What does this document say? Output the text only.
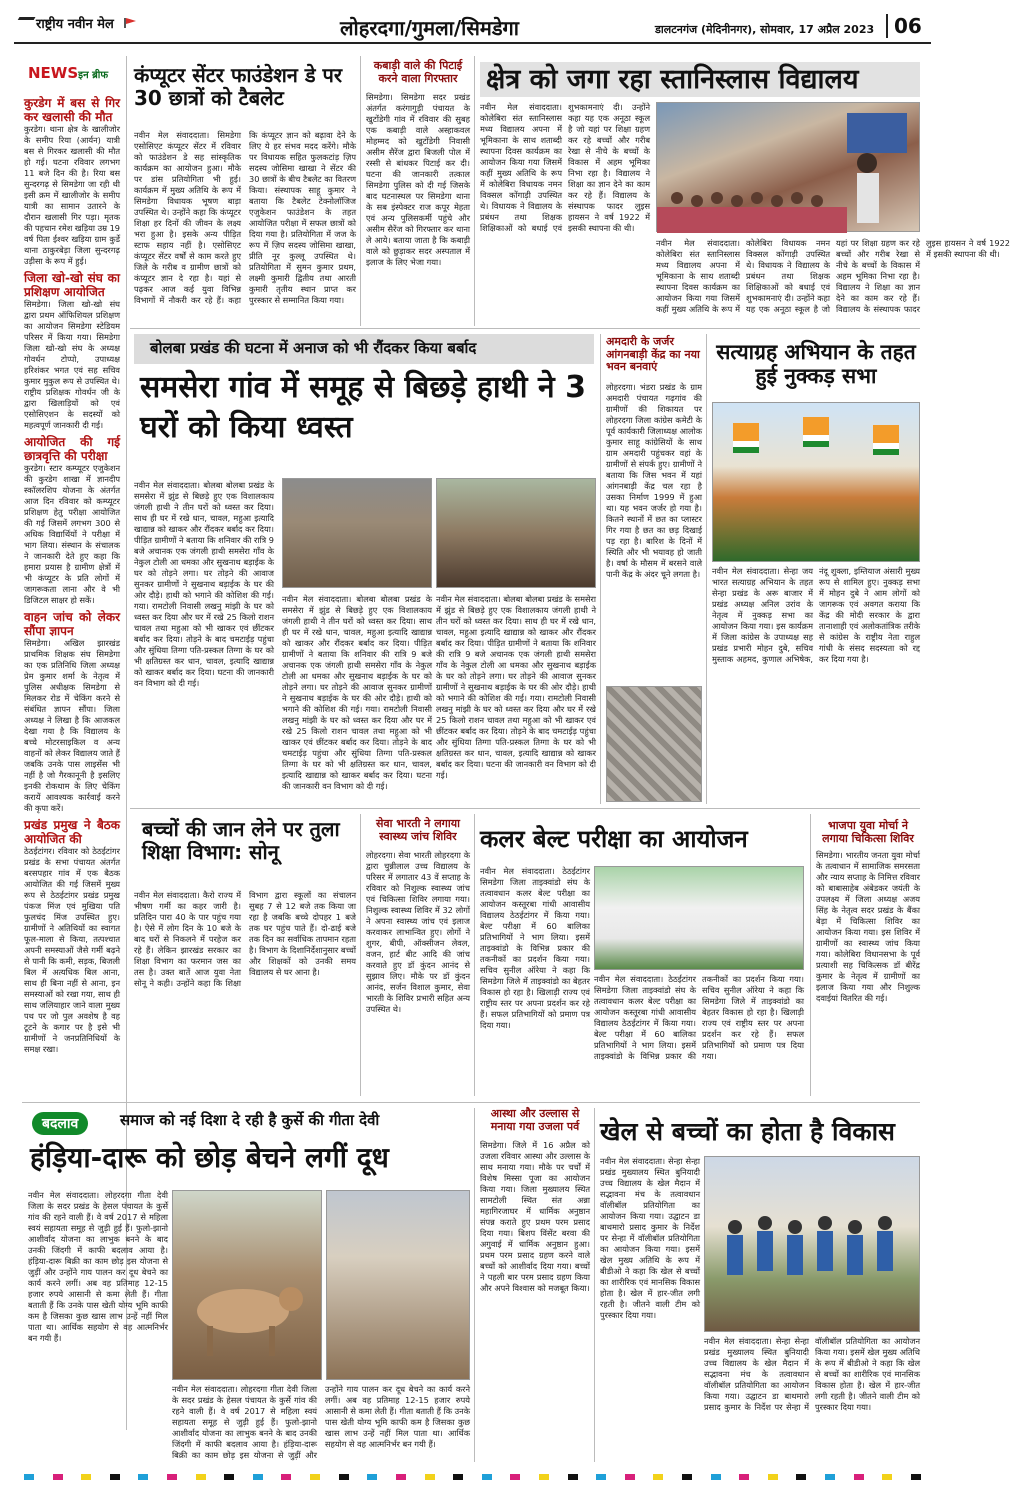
राष्ट्रीय नवीन मेल	लोहरदगा/गुमला/सिमडेगा	डालटनगंज (मेदिनीनगर), सोमवार, 17 अप्रैल 2023 06
NEWSइन ब्रीफ
कुरडेग में बस से गिर कर खलासी की मौत
कुरडेग। थाना क्षेत्र के खालीजोर के समीप रिया (आर्यन) यात्री बस से गिरकर खलासी की मौत हो गई। घटना रविवार लगभग 11 बजे दिन की है। रिया बस सुन्दरगढ़ से सिमडेगा जा रही थी इसी क्रम में खालीजोर के समीप यात्री का सामान उतारने के दौरान खलासी गिर पड़ा। मृतक की पहचान रमेश खड़िया उम्र 19 वर्ष पिता ईश्वर खड़िया ग्राम कुर्डे थाना ठाकुरबेड़ा जिला सुन्दरगढ़ उड़ीसा के रूप में हुई।
जिला खो-खो संघ का प्रशिक्षण आयोजित
सिमडेगा। जिला खो-खो संघ द्वारा प्रथम ऑफिशियल प्रशिक्षण का आयोजन सिमडेगा स्टेडियम परिसर में किया गया। सिमडेगा जिला खो-खो संघ के अध्यक्ष गोवर्धन टोप्पो, उपाध्यक्ष हरिशंकर भगत एवं सह सचिव कुमार मुकुल रूप से उपस्थित थे। राष्ट्रीय प्रशिक्षक गोवर्धन जी के द्वारा खिलाड़ियों को एवं एसोसिएशन के सदस्यों को महत्वपूर्ण जानकारी दी गई।
आयोजित की गई छात्रवृत्ति की परीक्षा
कुरडेग। स्टार कम्प्यूटर एजुकेशन की कुरडेग शाखा में ज्ञानदीप स्कॉलरशिप योजना के अंतर्गत आज दिन रविवार को कम्प्यूटर प्रशिक्षण हेतु परीक्षा आयोजित की गई जिसमें लगभग 300 से अधिक विद्यार्थियों ने परीक्षा में भाग लिया। संस्थान के संचालक ने जानकारी देते हुए कहा कि हमारा प्रयास है ग्रामीण क्षेत्रों में भी कंप्यूटर के प्रति लोगों में जागरूकता लाना और वे भी डिजिटल साक्षर हो सकें।
वाहन जांच को लेकर सौंपा ज्ञापन
सिमडेगा। अखिल झारखंड प्राथमिक शिक्षक संघ सिमडेगा का एक प्रतिनिधि जिला अध्यक्ष प्रेम कुमार शर्मा के नेतृत्व में पुलिस अधीक्षक सिमडेगा से मिलकर रोड में चेकिंग करने से संबंधित ज्ञापन सौंपा। जिला अध्यक्ष ने लिखा है कि आजकल देखा गया है कि विद्यालय के बच्चे मोटरसाइकिल व अन्य वाहनों को लेकर विद्यालय जाते हैं जबकि उनके पास लाइसेंस भी नहीं है जो गैरकानूनी है इसलिए इनकी रोकथाम के लिए चेकिंग करायें आवश्यक कार्रवाई करने की कृपा करें।
प्रखंड प्रमुख ने बैठक आयोजित की
ठेठईटांगर। रविवार को ठेठईटांगर प्रखंड के सभा पंचायत अंतर्गत बरसपहार गांव में एक बैठक आयोजित की गई जिसमें मुख्य रूप से ठेठईटांगर प्रखंड प्रमुख पंकज मिंज एवं मुखिया पति फुलचंद मिंज उपस्थित हुए। ग्रामीणों ने अतिथियों का स्वागत फूल-माला से किया, तत्पश्चात अपनी समस्याओं जैसे गर्मी बढ़ने से पानी कि कमी, सड़क, बिजली बिल में अत्यधिक बिल आना, साथ ही बिना नहीं से आना, इन समस्याओं को रखा गया, साथ ही साथ जलियाहार जाने वाला मुख्य पथ पर जो पुल अवशेष है वह टूटने के कगार पर है इसे भी ग्रामीणों ने जनप्रतिनिधियों के समक्ष रखा।
कंप्यूटर सेंटर फाउंडेशन डे पर 30 छात्रों को टैबलेट
नवीन मेल संवाददाता। सिमडेगा एसोसिएट कंप्यूटर सेंटर में रविवार को फाउंडेशन डे सह सांस्कृतिक कार्यक्रम का आयोजन हुआ। मौके पर डांस प्रतियोगिता भी हुई। कार्यक्रम में मुख्य अतिथि के रूप में सिमडेगा विधायक भूषण बाड़ा उपस्थित थे। उन्होंने कहा कि कंप्यूटर शिक्षा हर दिनों की जीवन के लक्ष्य भरा हुआ है। इसके अन्य पीड़ित स्टाफ सहाय नहीं है। एसोसिएट कंप्यूटर सेंटर वर्षों से काम करते हुए जिले के गरीब व ग्रामीण छात्रों को कंप्यूटर ज्ञान दे रहा है। यहां से पढ़कर आज कई युवा विभिन्न विभागों में नौकरी कर रहे हैं। कहा कि कंप्यूटर ज्ञान को बढ़ावा देने के लिए ये हर संभव मदद करेंगे। मौके पर विधायक सहित फुलकटांड़ ज़िप सदस्य जोसिमा खाखा ने सेंटर की 30 छात्रों के बीच टैबलेट का वितरण किया। संस्थापक साहू कुमार ने बताया कि टैबलेट टेक्नोलॉजिज एजुकेशन फाउंडेशन के तहत आयोजित परीक्षा में सफल छात्रों को दिया गया है। प्रतियोगिता में जज के रूप में ज़िप सदस्य जोसिमा खाखा, प्रीति नूर कुल्लू उपस्थित थे। प्रतियोगिता में सुमन कुमार प्रथम, लक्ष्मी कुमारी द्वितीय तथा आरती कुमारी तृतीय स्थान प्राप्त कर पुरस्कार से सम्मानित किया गया।
कबाड़ी वाले की पिटाई करने वाला गिरफ्तार
सिमडेगा। सिमडेगा सदर प्रखंड अंतर्गत करंगागुड़ी पंचायत के खुटोंडेगी गांव में रविवार की सुबह एक कबाड़ी वाले अस्हाकवल मोहम्मद को खुटोंडेगी निवासी असीम सैरेंज द्वारा बिजली पोल में रस्सी से बांधकर पिटाई कर दी। घटना की जानकारी तत्काल सिमडेगा पुलिस को दी गई जिसके बाद घटनास्थल पर सिमडेगा थाना के सब इंस्पेक्टर राज कपूर मेहता एवं अन्य पुलिसकर्मी पहुंचे और असीम सैरेंज को गिरफ्तार कर थाना ले आये। बताया जाता है कि कबाड़ी वाले को छुड़ाकर सदर अस्पताल में इलाज के लिए भेजा गया।
क्षेत्र को जगा रहा स्तानिस्लास विद्यालय
नवीन मेल संवाददाता। कोलेबिरा संत स्तानिस्लास मध्य विद्यालय अपना में भूमिकाना के साथ शताब्दी स्थापना दिवस कार्यक्रम का आयोजन किया गया जिसमें कहीं मुख्य अतिथि के रूप में कोलेबिरा विधायक नमन विक्सल कोंगाड़ी उपस्थित थे। विधायक ने विद्यालय के प्रबंधन तथा शिक्षक शिक्षिकाओं को बधाई एवं शुभकामनाएं दी। उन्होंने कहा यह एक अनूठा स्कूल है जो यहां पर शिक्षा ग्रहण कर रहे बच्चों और गरीब रेखा से नीचे के बच्चों के विकास में अहम भूमिका निभा रहा है। विद्यालय ने शिक्षा का ज्ञान देने का काम कर रहे हैं। विद्यालय के संस्थापक फादर लुइस हायसन ने वर्ष 1922 में इसकी स्थापना की थी।
नवीन मेल संवाददाता। कोलेबिरा संत स्तानिस्लास मध्य विद्यालय अपना में भूमिकाना के साथ शताब्दी स्थापना दिवस कार्यक्रम का आयोजन किया गया जिसमें कहीं मुख्य अतिथि के रूप में कोलेबिरा विधायक नमन विक्सल कोंगाड़ी उपस्थित थे। विधायक ने विद्यालय के प्रबंधन तथा शिक्षक शिक्षिकाओं को बधाई एवं शुभकामनाएं दी। उन्होंने कहा यह एक अनूठा स्कूल है जो यहां पर शिक्षा ग्रहण कर रहे बच्चों और गरीब रेखा से नीचे के बच्चों के विकास में अहम भूमिका निभा रहा है। विद्यालय ने शिक्षा का ज्ञान देने का काम कर रहे हैं। विद्यालय के संस्थापक फादर लुइस हायसन ने वर्ष 1922 में इसकी स्थापना की थी।
बोलबा प्रखंड की घटना में अनाज को भी रौंदकर किया बर्बाद
समसेरा गांव में समूह से बिछड़े हाथी ने 3 घरों को किया ध्वस्त
नवीन मेल संवाददाता। बोलबा बोलबा प्रखंड के समसेरा में झुंड से बिछड़े हुए एक विशालकाय जंगली हाथी ने तीन घरों को ध्वस्त कर दिया। साथ ही घर में रखे धान, चावल, महुआ इत्यादि खाद्यान्न को खाकर और रौंदकर बर्बाद कर दिया। पीड़ित ग्रामीणों ने बताया कि शनिवार की रात्रि 9 बजे अचानक एक जंगली हाथी समसेरा गाँव के नेकुल टोली आ धमका और सुखनाथ बड़ाईक के घर को तोड़ने लगा। घर तोड़ने की आवाज सुनकर ग्रामीणों ने सुखनाथ बड़ाईक के घर की ओर दौड़े। हाथी को भगाने की कोशिश की गई। गया। रामटोली निवासी लखनु मांझी के घर को ध्वस्त कर दिया और घर में रखे 25 किलो राशन चावल तथा महुआ को भी खाकर एवं छींटकर बर्बाद कर दिया। तोड़ने के बाद चमटाईड़ पहुंचा और सुंधिया तिग्गा पति-प्रस्कल तिग्गा के घर को भी क्षतिग्रस्त कर धान, चावल, इत्यादि खाद्यान्न को खाकर बर्बाद कर दिया। घटना की जानकारी वन विभाग को दी गई।
नवीन मेल संवाददाता। बोलबा बोलबा प्रखंड के समसेरा में झुंड से बिछड़े हुए एक विशालकाय जंगली हाथी ने तीन घरों को ध्वस्त कर दिया। साथ ही घर में रखे धान, चावल, महुआ इत्यादि खाद्यान्न को खाकर और रौंदकर बर्बाद कर दिया। पीड़ित ग्रामीणों ने बताया कि शनिवार की रात्रि 9 बजे अचानक एक जंगली हाथी समसेरा गाँव के नेकुल टोली आ धमका और सुखनाथ बड़ाईक के घर को तोड़ने लगा। घर तोड़ने की आवाज सुनकर ग्रामीणों ने सुखनाथ बड़ाईक के घर की ओर दौड़े। हाथी को भगाने की कोशिश की गई। गया। रामटोली निवासी लखनु मांझी के घर को ध्वस्त कर दिया और घर में रखे 25 किलो राशन चावल तथा महुआ को भी खाकर एवं छींटकर बर्बाद कर दिया। तोड़ने के बाद चमटाईड़ पहुंचा और सुंधिया तिग्गा पति-प्रस्कल तिग्गा के घर को भी क्षतिग्रस्त कर धान, चावल, इत्यादि खाद्यान्न को खाकर बर्बाद कर दिया। घटना की जानकारी वन विभाग को दी गई।
नवीन मेल संवाददाता। बोलबा बोलबा प्रखंड के समसेरा में झुंड से बिछड़े हुए एक विशालकाय जंगली हाथी ने तीन घरों को ध्वस्त कर दिया। साथ ही घर में रखे धान, चावल, महुआ इत्यादि खाद्यान्न को खाकर और रौंदकर बर्बाद कर दिया। पीड़ित ग्रामीणों ने बताया कि शनिवार की रात्रि 9 बजे अचानक एक जंगली हाथी समसेरा गाँव के नेकुल टोली आ धमका और सुखनाथ बड़ाईक के घर को तोड़ने लगा। घर तोड़ने की आवाज सुनकर ग्रामीणों ने सुखनाथ बड़ाईक के घर की ओर दौड़े। हाथी को भगाने की कोशिश की गई। गया। रामटोली निवासी लखनु मांझी के घर को ध्वस्त कर दिया और घर में रखे 25 किलो राशन चावल तथा महुआ को भी खाकर एवं छींटकर बर्बाद कर दिया। तोड़ने के बाद चमटाईड़ पहुंचा और सुंधिया तिग्गा पति-प्रस्कल तिग्गा के घर को भी क्षतिग्रस्त कर धान, चावल, इत्यादि खाद्यान्न को खाकर बर्बाद कर दिया। घटना की जानकारी वन विभाग को दी गई।
अमदारी के जर्जर आंगनबाड़ी केंद्र का नया भवन बनवाएं
लोहरदगा। भंडरा प्रखंड के ग्राम अमदारी पंचायत गढ़गांव की ग्रामीणों की शिकायत पर लोहरदगा जिला कांग्रेस कमेटी के पूर्व कार्यकारी जिलाध्यक्ष आलोक कुमार साहू कांग्रेसियों के साथ ग्राम अमदारी पहुंचकर वहां के ग्रामीणों से संपर्क हुए। ग्रामीणों ने बताया कि जिस भवन में यहां आंगनबाड़ी केंद्र चल रहा है उसका निर्माण 1999 में हुआ था। यह भवन जर्जर हो गया है। कितने स्थानों में छत का प्लास्टर गिर गया है छत का छड़ दिखाई पड़ रहा है। बारिश के दिनों में स्थिति और भी भयावह हो जाती है। वर्षा के मौसम में बरसने वाले पानी केंद्र के अंदर चूने लगता है।
सत्याग्रह अभियान के तहत हुई नुक्कड़ सभा
नवीन मेल संवाददाता। सेन्हा जय भारत सत्याग्रह अभियान के तहत सेन्हा प्रखंड के अरू बाजार में प्रखंड अध्यक्ष अनिल उरांव के नेतृत्व में नुक्कड़ सभा का आयोजन किया गया। इस कार्यक्रम में जिला कांग्रेस के उपाध्यक्ष सह प्रखंड प्रभारी मोहन दुबे, सचिव मुस्ताक अहमद, कुणाल अभिषेक, नंदू शुक्ला, इम्तियाज अंसारी मुख्य रूप से शामिल हुए। नुक्कड़ सभा में मोहन दुबे ने आम लोगों को जागरूक एवं अवगत कराया कि केंद्र की मोदी सरकार के द्वारा तानाशाही एवं अलोकतांत्रिक तरीके से कांग्रेस के राष्ट्रीय नेता राहुल गांधी के संसद सदस्यता को रद्द कर दिया गया है।
बच्चों की जान लेने पर तुला शिक्षा विभाग: सोनू
नवीन मेल संवाददाता। कैरो राज्य में भीषण गर्मी का कहर जारी है। प्रतिदिन पारा 40 के पार पहुंच गया है। ऐसे में लोग दिन के 10 बजे के बाद घरों से निकलने में परहेज कर रहे हैं। लेकिन झारखंड सरकार का शिक्षा विभाग का फरमान जस का तस है। उक्त बातें आज युवा नेता सोनू ने कही। उन्होंने कहा कि शिक्षा विभाग द्वारा स्कूलों का संचालन सुबह 7 से 12 बजे तक किया जा रहा है जबकि बच्चे दोपहर 1 बजे तक घर पहुंच पाते हैं। दो-ढाई बजे तक दिन का सर्वाधिक तापमान रहता है। विभाग के दिशानिर्देशानुसार बच्चों और शिक्षकों को उनकी समय विद्यालय से घर आना है।
सेवा भारती ने लगाया स्वास्थ्य जांच शिविर
लोहरदगा। सेवा भारती लोहरदगा के द्वारा चुन्नीलाल उच्च विद्यालय के परिसर में लगातार 43 वें सप्ताह के रविवार को निशुल्क स्वास्थ्य जांच एवं चिकित्सा शिविर लगाया गया। निशुल्क स्वास्थ्य शिविर में 32 लोगों ने अपना स्वास्थ्य जांच एवं इलाज करवाकर लाभान्वित हुए। लोगों ने शुगर, बीपी, ऑक्सीजन लेवल, वजन, हार्ट बीट आदि की जांच करवाते हुए डॉ कुंदन आनंद से सुझाव लिए। मौके पर डॉ कुंदन आनंद, सर्जन विशाल कुमार, सेवा भारती के शिविर प्रभारी सहित अन्य उपस्थित थे।
कलर बेल्ट परीक्षा का आयोजन
नवीन मेल संवाददाता। ठेठईटांगर सिमडेगा जिला ताइक्वांडो संघ के तत्वावधान कलर बेल्ट परीक्षा का आयोजन कस्तूरबा गांधी आवासीय विद्यालय ठेठईटांगर में किया गया। बेल्ट परीक्षा में 60 बालिका प्रतिभागियों ने भाग लिया। इसमें ताइक्वांडो के विभिन्न प्रकार की तकनीकों का प्रदर्शन किया गया। सचिव सुनील ऑरेया ने कहा कि सिमडेगा जिले में ताइक्वांडो का बेहतर विकास हो रहा है। खिलाड़ी राज्य एवं राष्ट्रीय स्तर पर अपना प्रदर्शन कर रहे हैं। सफल प्रतिभागियों को प्रमाण पत्र दिया गया।
नवीन मेल संवाददाता। ठेठईटांगर सिमडेगा जिला ताइक्वांडो संघ के तत्वावधान कलर बेल्ट परीक्षा का आयोजन कस्तूरबा गांधी आवासीय विद्यालय ठेठईटांगर में किया गया। बेल्ट परीक्षा में 60 बालिका प्रतिभागियों ने भाग लिया। इसमें ताइक्वांडो के विभिन्न प्रकार की तकनीकों का प्रदर्शन किया गया। सचिव सुनील ऑरेया ने कहा कि सिमडेगा जिले में ताइक्वांडो का बेहतर विकास हो रहा है। खिलाड़ी राज्य एवं राष्ट्रीय स्तर पर अपना प्रदर्शन कर रहे हैं। सफल प्रतिभागियों को प्रमाण पत्र दिया गया।
भाजपा युवा मोर्चा ने लगाया चिकित्सा शिविर
सिमडेगा। भारतीय जनता युवा मोर्चा के तत्वाधान में सामाजिक समरसता और न्याय सप्ताह के निमित्त रविवार को बाबासाहेब अंबेडकर जयंती के उपलक्ष्य में जिला अध्यक्ष अजय सिंह के नेतृत्व सदर प्रखंड के बैंका बेड़ा में चिकित्सा शिविर का आयोजन किया गया। इस शिविर में ग्रामीणों का स्वास्थ्य जांच किया गया। कोलेबिरा विधानसभा के पूर्व प्रत्याशी सह चिकित्सक डॉ बीरेंद्र कुमार के नेतृत्व में ग्रामीणों का इलाज किया गया और निशुल्क दवाईयां वितरित की गई।
बदलाव	समाज को नई दिशा दे रही है कुर्से की गीता देवी
हंड़िया-दारू को छोड़ बेचने लगीं दूध
नवीन मेल संवाददाता। लोहरदगा गीता देवी जिला के सदर प्रखंड के हेसल पंचायत के कुर्से गांव की रहने वाली हैं। वे वर्ष 2017 से महिला स्वयं सहायता समूह से जुड़ी हुई हैं। फुलो-झानो आशीर्वाद योजना का लाभुक बनने के बाद उनकी जिंदगी में काफी बदलाव आया है। हंड़िया-दारू बिक्री का काम छोड़ इस योजना से जुड़ीं और उन्होंने गाय पालन कर दूध बेचने का कार्य करने लगीं। अब वह प्रतिमाह 12-15 हजार रुपये आसानी से कमा लेती हैं। गीता बताती हैं कि उनके पास खेती योग्य भूमि काफी कम है जिसका कुछ खास लाभ उन्हें नहीं मिल पाता था। आर्थिक सहयोग से वह आत्मनिर्भर बन गयी हैं।
नवीन मेल संवाददाता। लोहरदगा गीता देवी जिला के सदर प्रखंड के हेसल पंचायत के कुर्से गांव की रहने वाली हैं। वे वर्ष 2017 से महिला स्वयं सहायता समूह से जुड़ी हुई हैं। फुलो-झानो आशीर्वाद योजना का लाभुक बनने के बाद उनकी जिंदगी में काफी बदलाव आया है। हंड़िया-दारू बिक्री का काम छोड़ इस योजना से जुड़ीं और उन्होंने गाय पालन कर दूध बेचने का कार्य करने लगीं। अब वह प्रतिमाह 12-15 हजार रुपये आसानी से कमा लेती हैं। गीता बताती हैं कि उनके पास खेती योग्य भूमि काफी कम है जिसका कुछ खास लाभ उन्हें नहीं मिल पाता था। आर्थिक सहयोग से वह आत्मनिर्भर बन गयी हैं।
आस्था और उल्लास से मनाया गया उजला पर्व
सिमडेगा। जिले में 16 अप्रैल को उजला रविवार आस्था और उल्लास के साथ मनाया गया। मौके पर चर्चों में विशेष मिस्सा पूजा का आयोजन किया गया। जिला मुख्यालय स्थित सामटोली स्थित संत अन्ना महागिरजाघर में धार्मिक अनुष्ठान संपन्न कराते हुए प्रथम परम प्रसाद दिया गया। बिशप विंसेंट बरवा की अगुवाई में धार्मिक अनुष्ठान हुआ। प्रथम परम प्रसाद ग्रहण करने वाले बच्चों को आशीर्वाद दिया गया। बच्चों ने पहली बार परम प्रसाद ग्रहण किया और अपने विश्वास को मजबूत किया।
खेल से बच्चों का होता है विकास
नवीन मेल संवाददाता। सेन्हा सेन्हा प्रखंड मुख्यालय स्थित बुनियादी उच्च विद्यालय के खेल मैदान में सद्भावना मंच के तत्वावधान वॉलीबॉल प्रतियोगिता का आयोजन किया गया। उद्घाटन डा बाथमारो प्रसाद कुमार के निर्देश पर सेन्हा में वॉलीबॉल प्रतियोगिता का आयोजन किया गया। इसमें खेल मुख्य अतिथि के रूप में बीडीओ ने कहा कि खेल से बच्चों का शारीरिक एवं मानसिक विकास होता है। खेल में हार-जीत लगी रहती है। जीतने वाली टीम को पुरस्कार दिया गया।
नवीन मेल संवाददाता। सेन्हा सेन्हा प्रखंड मुख्यालय स्थित बुनियादी उच्च विद्यालय के खेल मैदान में सद्भावना मंच के तत्वावधान वॉलीबॉल प्रतियोगिता का आयोजन किया गया। उद्घाटन डा बाथमारो प्रसाद कुमार के निर्देश पर सेन्हा में वॉलीबॉल प्रतियोगिता का आयोजन किया गया। इसमें खेल मुख्य अतिथि के रूप में बीडीओ ने कहा कि खेल से बच्चों का शारीरिक एवं मानसिक विकास होता है। खेल में हार-जीत लगी रहती है। जीतने वाली टीम को पुरस्कार दिया गया।
